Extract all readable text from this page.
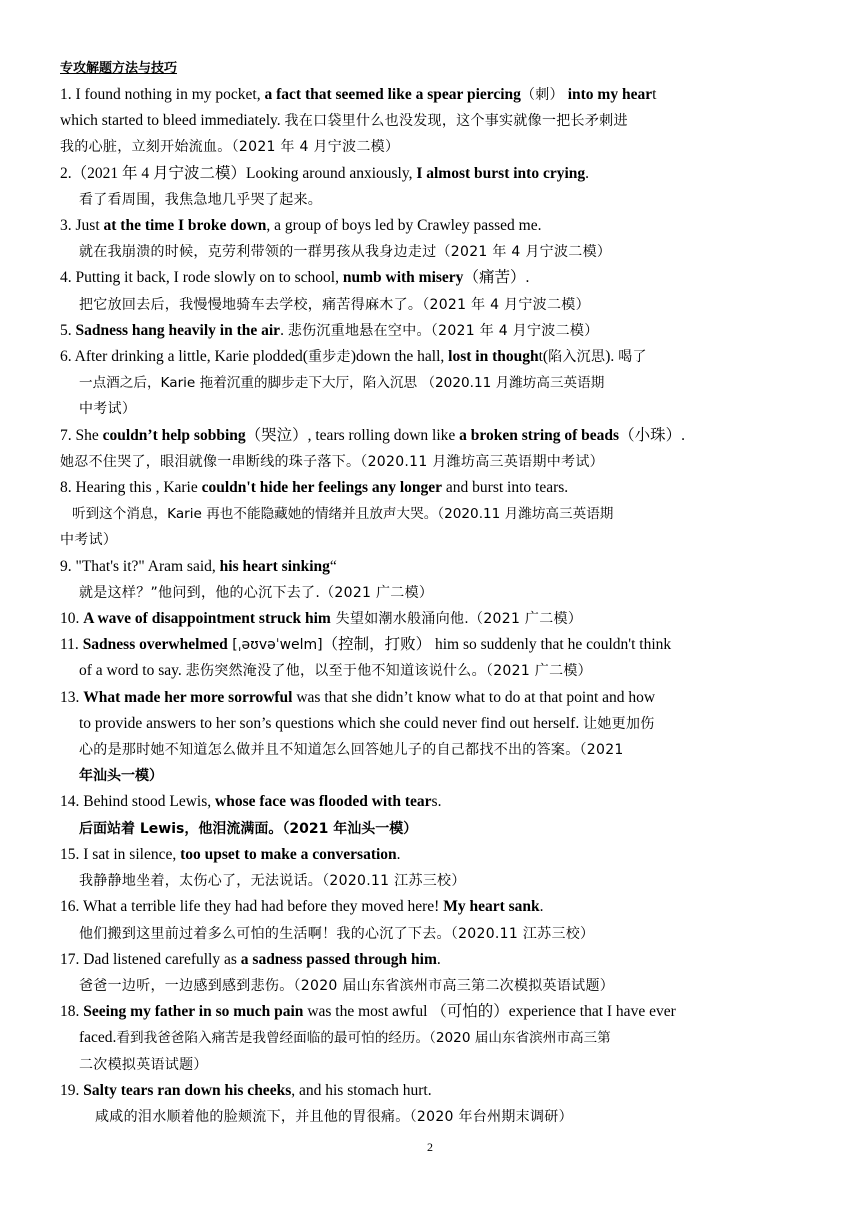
专攻解题方法与技巧
1. I found nothing in my pocket, a fact that seemed like a spear piercing（刺） into my heart
which started to bleed immediately. 我在口袋里什么也没发现，这个事实就像一把长矛刺进
我的心脏，立刻开始流血。（2021 年 4 月宁波二模）
2.（2021 年 4 月宁波二模）Looking around anxiously, I almost burst into crying.
看了看周围，我焦急地几乎哭了起来。
3. Just at the time I broke down, a group of boys led by Crawley passed me.
就在我崩溃的时候，克劳利带领的一群男孩从我身边走过（2021 年 4 月宁波二模）
4. Putting it back, I rode slowly on to school, numb with misery（痛苦）.
把它放回去后，我慢慢地骑车去学校，痛苦得麻木了。（2021 年 4 月宁波二模）
5. Sadness hang heavily in the air. 悲伤沉重地悬在空中。（2021 年 4 月宁波二模）
6. After drinking a little, Karie plodded(重步走)down the hall, lost in thought(陷入沉思). 喝了
一点酒之后，Karie 拖着沉重的脚步走下大厅，陷入沉思 （2020.11 月潍坊高三英语期
中考试）
7. She couldn’t help sobbing（哭泣）, tears rolling down like a broken string of beads（小珠）.
她忍不住哭了，眼泪就像一串断线的珠子落下。（2020.11 月潍坊高三英语期中考试）
8. Hearing this , Karie couldn't hide her feelings any longer and burst into tears.
听到这个消息，Karie 再也不能隐藏她的情绪并且放声大哭。（2020.11 月潍坊高三英语期
中考试）
9. "That's it?" Aram said, his heart sinking“
就是这样？”他问到，他的心沉下去了.（2021 广二模）
10. A wave of disappointment struck him 失望如潮水般涌向他.（2021 广二模）
11. Sadness overwhelmed [ˌəʊvəˈwelm]（控制，打败） him so suddenly that he couldn't think
of a word to say. 悲伤突然淹没了他，以至于他不知道该说什么。（2021 广二模）
13. What made her more sorrowful was that she didn’t know what to do at that point and how
to provide answers to her son’s questions which she could never find out herself. 让她更加伤
心的是那时她不知道怎么做并且不知道怎么回答她儿子的自己都找不出的答案。（2021
年汕头一模）
14. Behind stood Lewis, whose face was flooded with tears.
后面站着 Lewis，他泪流满面。（2021 年汕头一模）
15. I sat in silence, too upset to make a conversation.
我静静地坐着，太伤心了，无法说话。（2020.11 江苏三校）
16. What a terrible life they had had before they moved here! My heart sank.
他们搬到这里前过着多么可怕的生活啊！我的心沉了下去。（2020.11 江苏三校）
17. Dad listened carefully as a sadness passed through him.
爸爸一边听，一边感到感到悲伤。（2020 届山东省滨州市高三第二次模拟英语试题）
18. Seeing my father in so much pain was the most awful （可怕的）experience that I have ever
faced.看到我爸爸陷入痛苦是我曾经面临的最可怕的经历。（2020 届山东省滨州市高三第
二次模拟英语试题）
19. Salty tears ran down his cheeks, and his stomach hurt.
咸咸的泪水顺着他的脸颊流下，并且他的胃很痛。（2020 年台州期末调研）
2
